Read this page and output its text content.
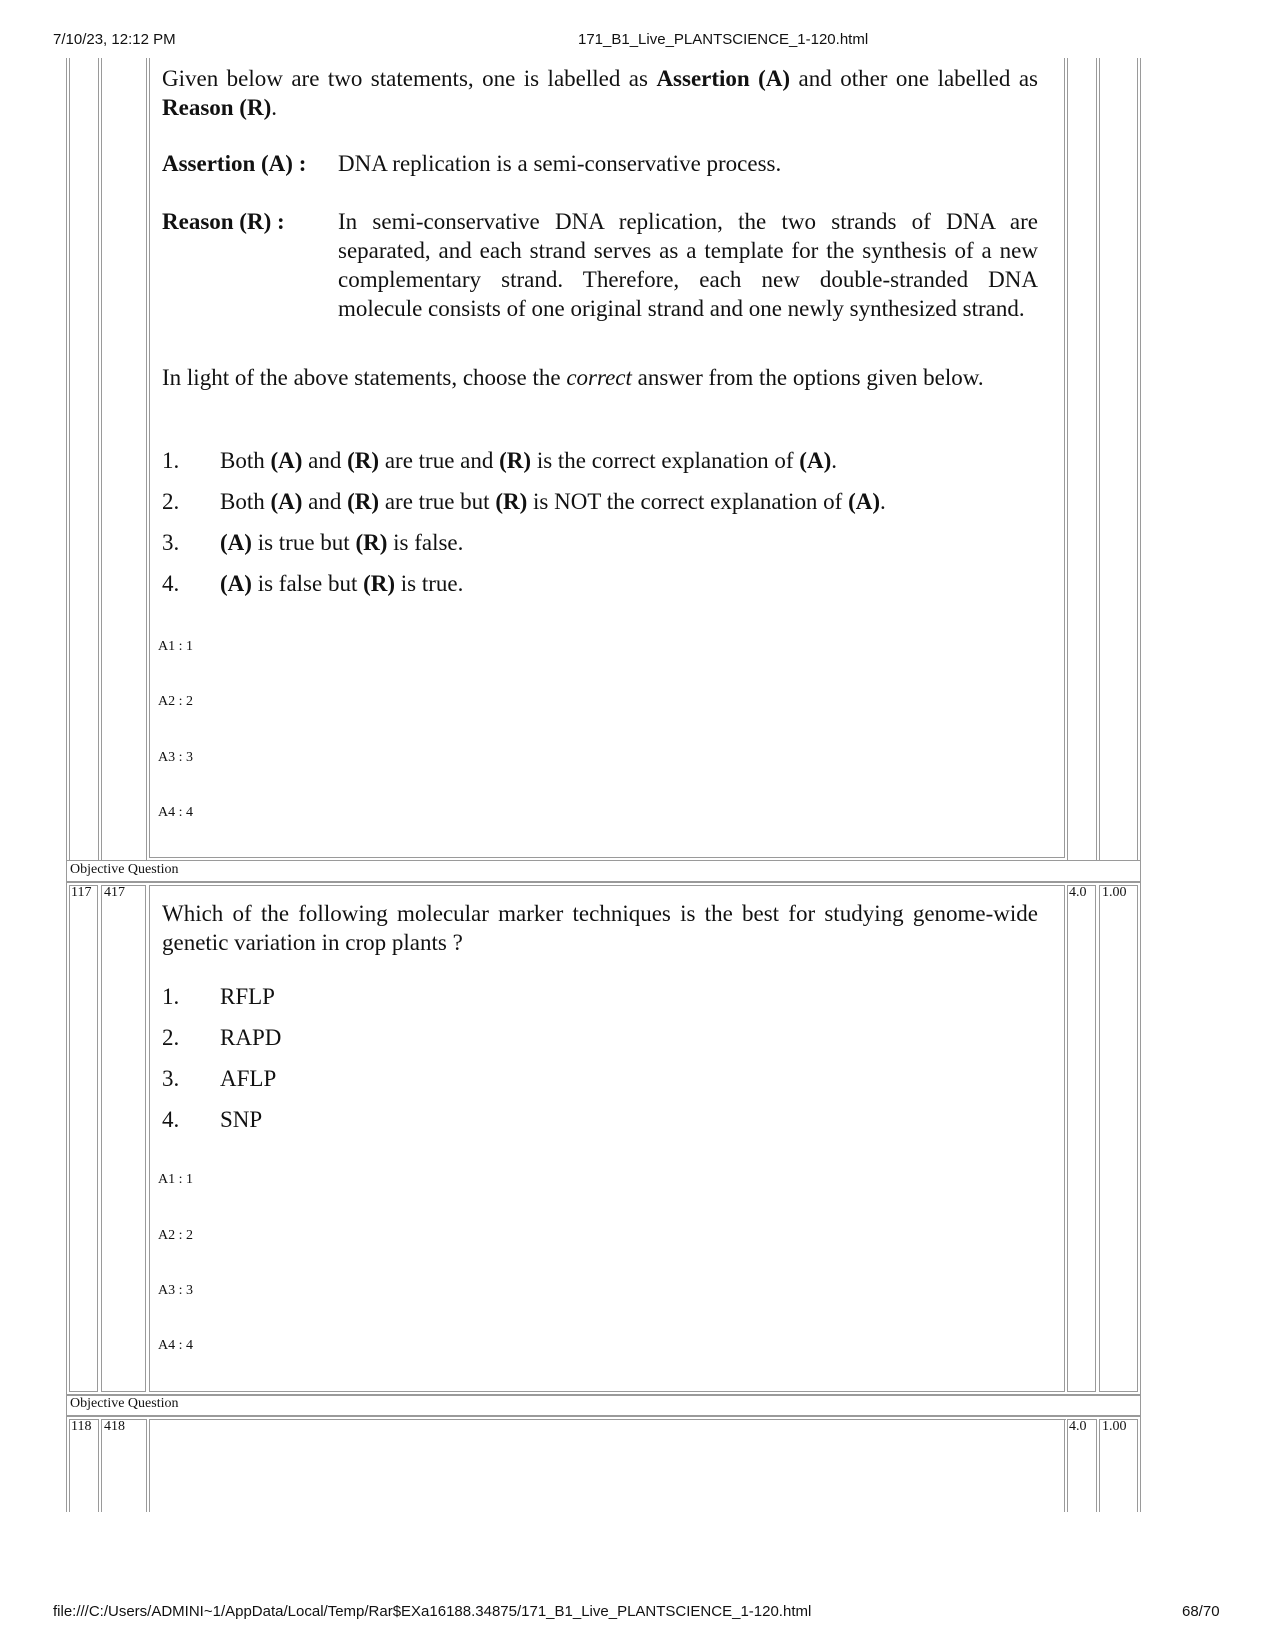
7/10/23, 12:12 PM	171_B1_Live_PLANTSCIENCE_1-120.html
Given below are two statements, one is labelled as Assertion (A) and other one labelled as Reason (R).
Assertion (A) : DNA replication is a semi-conservative process.
Reason (R) : In semi-conservative DNA replication, the two strands of DNA are separated, and each strand serves as a template for the synthesis of a new complementary strand. Therefore, each new double-stranded DNA molecule consists of one original strand and one newly synthesized strand.
In light of the above statements, choose the correct answer from the options given below.
1. Both (A) and (R) are true and (R) is the correct explanation of (A).
2. Both (A) and (R) are true but (R) is NOT the correct explanation of (A).
3. (A) is true but (R) is false.
4. (A) is false but (R) is true.
A1 : 1
A2 : 2
A3 : 3
A4 : 4
Objective Question
117 417	4.0 1.00
Which of the following molecular marker techniques is the best for studying genome-wide genetic variation in crop plants ?
1. RFLP
2. RAPD
3. AFLP
4. SNP
A1 : 1
A2 : 2
A3 : 3
A4 : 4
Objective Question
118 418	4.0 1.00
file:///C:/Users/ADMINI~1/AppData/Local/Temp/Rar$EXa16188.34875/171_B1_Live_PLANTSCIENCE_1-120.html	68/70
